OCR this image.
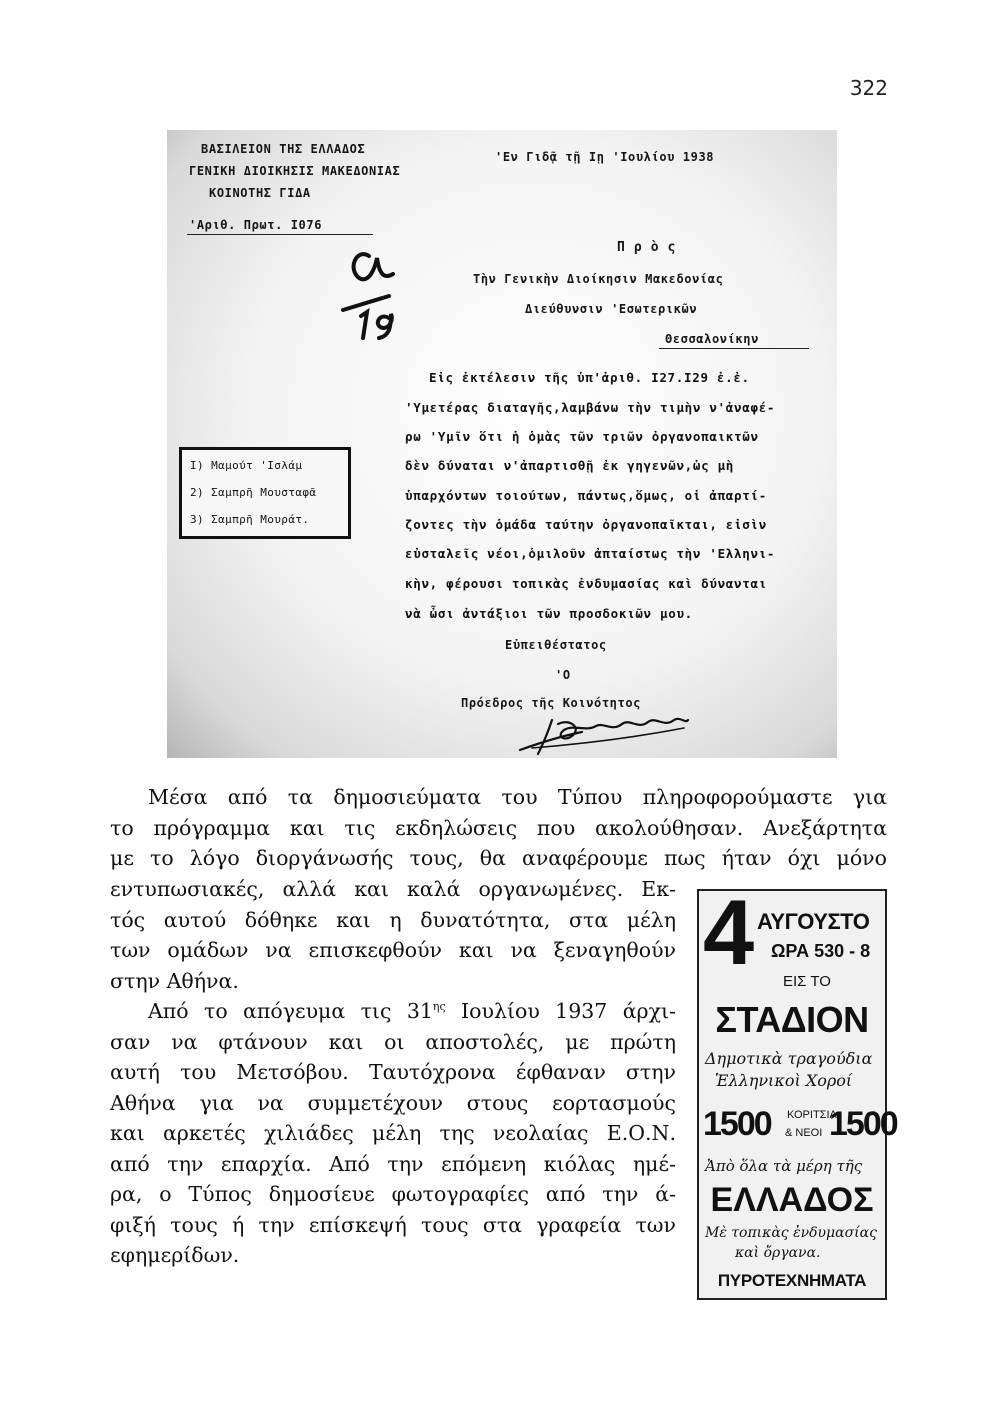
322
ΒΑΣΙΛΕΙΟΝ ΤΗΣ ΕΛΛΑΔΟΣ
ΓΕΝΙΚΗ ΔΙΟΙΚΗΣΙΣ ΜΑΚΕΔΟΝΙΑΣ
ΚΟΙΝΟΤΗΣ ΓΙΔΑ
'Αριθ. Πρωτ. Ι076
'Εν Γιδᾷ τῇ Ιῃ 'Ιουλίου 1938
Π ρ ὸ ς
Τὴν Γενικὴν Διοίκησιν Μακεδονίας
Διεύθυνσιν 'Εσωτερικῶν
Θεσσαλονίκην
Εἰς ἐκτέλεσιν τῆς ὑπ'ἀριθ. Ι27.Ι29 ἐ.ἐ.
'Υμετέρας διαταγῆς,λαμβάνω τὴν τιμὴν ν'ἀναφέ-
ρω 'Υμῖν ὅτι ἡ ὁμὰς τῶν τριῶν ὀργανοπαικτῶν
δὲν δύναται ν'ἀπαρτισθῇ ἐκ γηγενῶν,ὡς μὴ
ὑπαρχόντων τοιούτων, πάντως,ὅμως, οἱ ἀπαρτί-
ζοντες τὴν ὁμάδα ταύτην ὀργανοπαῖκται, εἰσὶν
εὐσταλεῖς νέοι,ὁμιλοῦν ἀπταίστως τὴν 'Ελληνι-
κὴν, φέρουσι τοπικὰς ἐνδυμασίας καὶ δύνανται
νὰ ὦσι ἀντάξιοι τῶν προσδοκιῶν μου.
Εὐπειθέστατος
'Ο
Πρόεδρος τῆς Κοινότητος
Ι) Μαμούτ 'Ισλάμ
2) Σαμπρῆ Μουσταφᾶ
3) Σαμπρῆ Μουράτ.
Μέσα από τα δημοσιεύματα του Τύπου πληροφορούμαστε για
το πρόγραμμα και τις εκδηλώσεις που ακολούθησαν. Ανεξάρτητα
με το λόγο διοργάνωσής τους, θα αναφέρουμε πως ήταν όχι μόνο
εντυπωσιακές, αλλά και καλά οργανωμένες. Εκ-
τός αυτού δόθηκε και η δυνατότητα, στα μέλη
των ομάδων να επισκεφθούν και να ξεναγηθούν
στην Αθήνα.
Από το απόγευμα τις $31^{\eta\varsigma}$ Ιουλίου 1937 άρχι-
σαν να φτάνουν και οι αποστολές, με πρώτη
αυτή του Μετσόβου. Ταυτόχρονα έφθαναν στην
Αθήνα για να συμμετέχουν στους εορτασμούς
και αρκετές χιλιάδες μέλη της νεολαίας Ε.Ο.Ν.
από την επαρχία. Από την επόμενη κιόλας ημέ-
ρα, ο Τύπος δημοσίευε φωτογραφίες από την ά-
φιξή τους ή την επίσκεψή τους στα γραφεία των
εφημερίδων.
4 ΑΥΓΟΥΣΤΟ
ΩΡΑ 530 - 8
ΕΙΣ ΤΟ
ΣΤΑΔΙΟΝ
Δημοτικὰ τραγούδια
Ἑλληνικοὶ Χοροί
1500 ΚΟΡΙΤΣΙΑ
& ΝΕΟΙ 1500
Ἀπὸ ὅλα τὰ μέρη τῆς
ΕΛΛΑΔΟΣ
Μὲ τοπικὰς ἐνδυμασίας
καὶ ὄργανα.
ΠΥΡΟΤΕΧΝΗΜΑΤΑ
